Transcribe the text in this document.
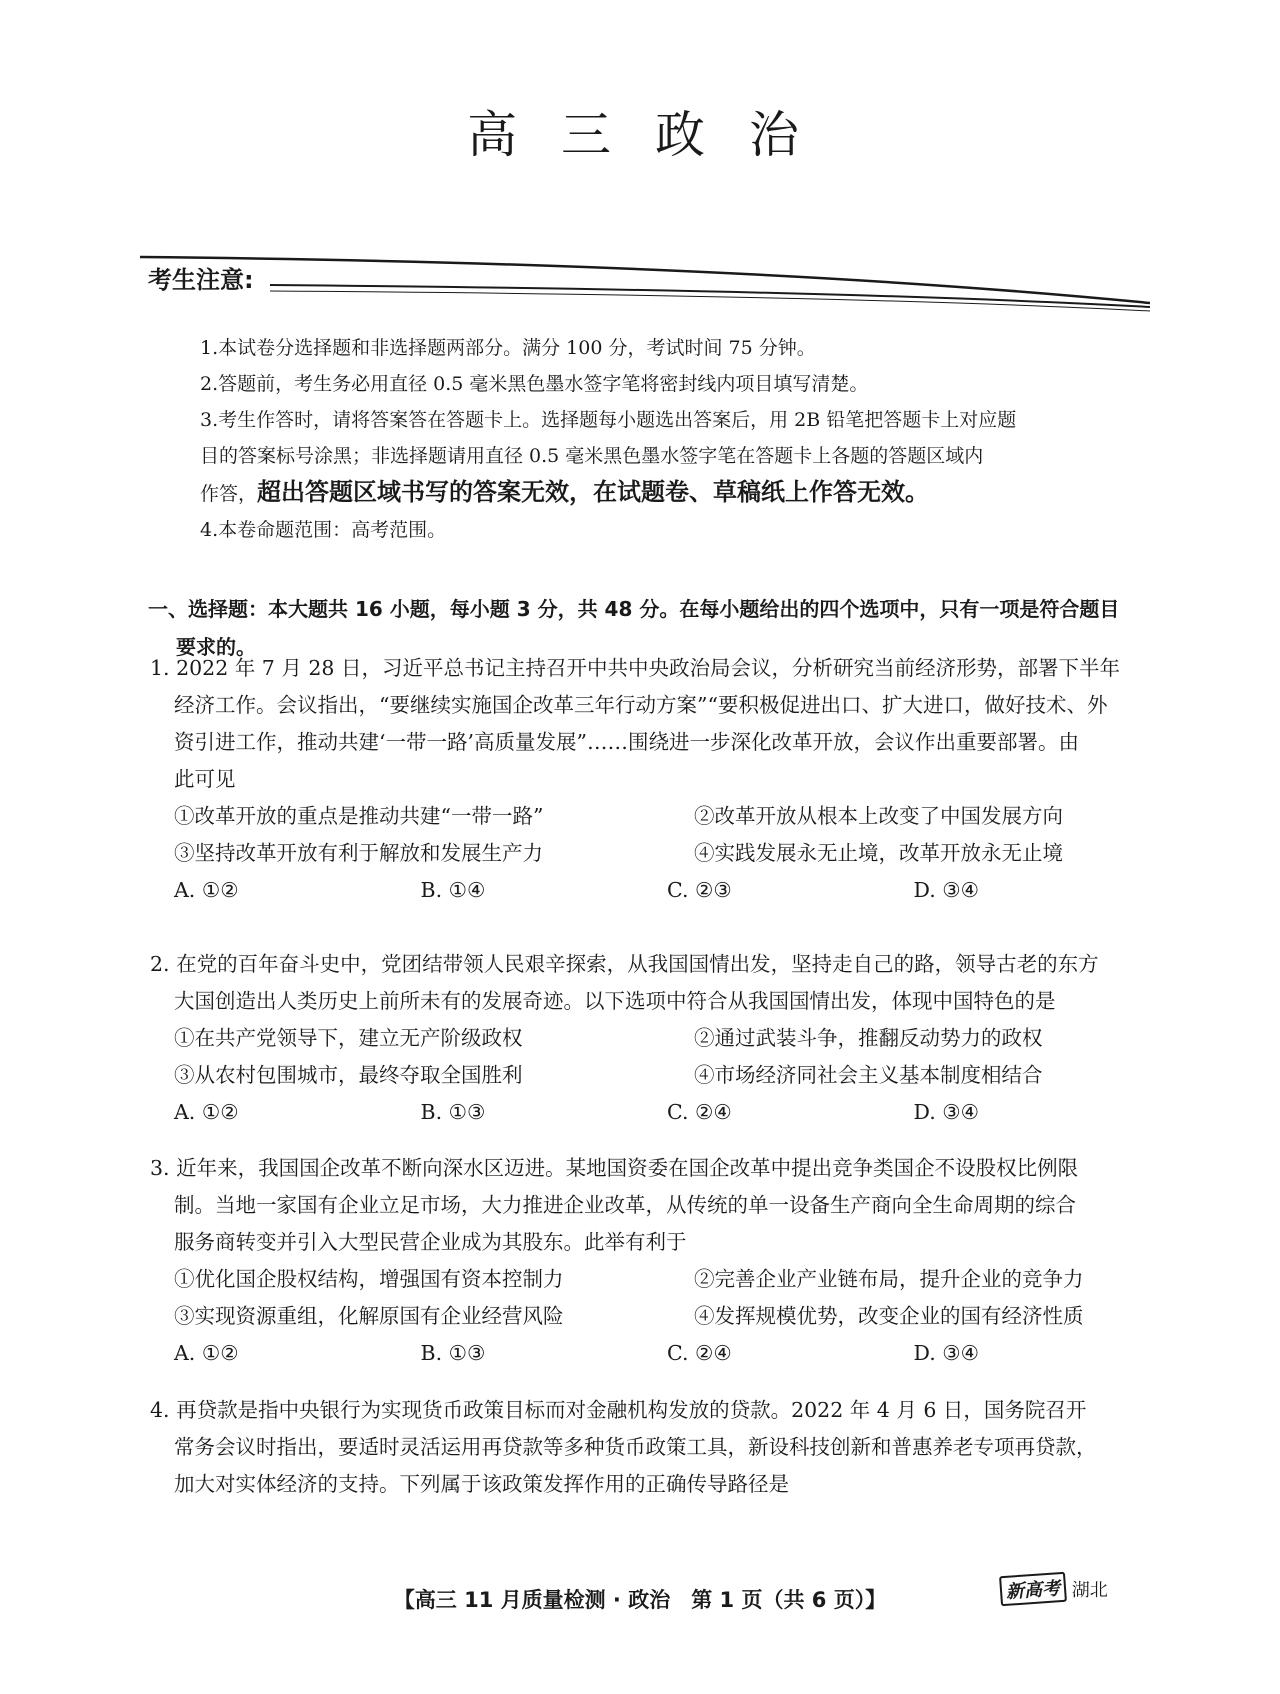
高 三 政 治
考生注意:

1.本试卷分选择题和非选择题两部分。满分 100 分，考试时间 75 分钟。

2.答题前，考生务必用直径 0.5 毫米黑色墨水签字笔将密封线内项目填写清楚。

3.考生作答时，请将答案答在答题卡上。选择题每小题选出答案后，用 2B 铅笔把答题卡上对应题

目的答案标号涂黑；非选择题请用直径 0.5 毫米黑色墨水签字笔在答题卡上各题的答题区域内

作答，超出答题区域书写的答案无效，在试题卷、草稿纸上作答无效。

4.本卷命题范围：高考范围。

一、选择题：本大题共 16 小题，每小题 3 分，共 48 分。在每小题给出的四个选项中，只有一项是符合题目
要求的。

1. 2022 年 7 月 28 日，习近平总书记主持召开中共中央政治局会议，分析研究当前经济形势，部署下半年

经济工作。会议指出，“要继续实施国企改革三年行动方案”“要积极促进出口、扩大进口，做好技术、外

资引进工作，推动共建‘一带一路’高质量发展”……围绕进一步深化改革开放，会议作出重要部署。由

此可见

①改革开放的重点是推动共建“一带一路”	②改革开放从根本上改变了中国发展方向
③坚持改革开放有利于解放和发展生产力	④实践发展永无止境，改革开放永无止境
A. ①②	B. ①④	C. ②③	D. ③④

2. 在党的百年奋斗史中，党团结带领人民艰辛探索，从我国国情出发，坚持走自己的路，领导古老的东方

大国创造出人类历史上前所未有的发展奇迹。以下选项中符合从我国国情出发，体现中国特色的是

①在共产党领导下，建立无产阶级政权	②通过武装斗争，推翻反动势力的政权
③从农村包围城市，最终夺取全国胜利	④市场经济同社会主义基本制度相结合
A. ①②	B. ①③	C. ②④	D. ③④

3. 近年来，我国国企改革不断向深水区迈进。某地国资委在国企改革中提出竞争类国企不设股权比例限

制。当地一家国有企业立足市场，大力推进企业改革，从传统的单一设备生产商向全生命周期的综合

服务商转变并引入大型民营企业成为其股东。此举有利于

①优化国企股权结构，增强国有资本控制力	②完善企业产业链布局，提升企业的竞争力
③实现资源重组，化解原国有企业经营风险	④发挥规模优势，改变企业的国有经济性质
A. ①②	B. ①③	C. ②④	D. ③④

4. 再贷款是指中央银行为实现货币政策目标而对金融机构发放的贷款。2022 年 4 月 6 日，国务院召开

常务会议时指出，要适时灵活运用再贷款等多种货币政策工具，新设科技创新和普惠养老专项再贷款，

加大对实体经济的支持。下列属于该政策发挥作用的正确传导路径是

【高三 11 月质量检测 · 政治　第 1 页（共 6 页）】	新高考 湖北
